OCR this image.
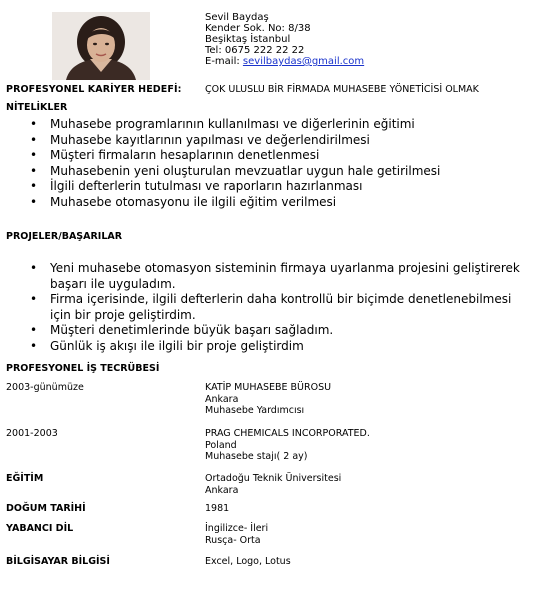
Sevil Baydaş
Kender Sok. No: 8/38
Beşiktaş İstanbul
Tel: 0675 222 22 22
E-mail: sevilbaydas@gmail.com
PROFESYONEL KARİYER HEDEFİ: ÇOK ULUSLU BİR FİRMADA MUHASEBE YÖNETİCİSİ OLMAK
NİTELİKLER
• Muhasebe programlarının kullanılması ve diğerlerinin eğitimi
• Muhasebe kayıtlarının yapılması ve değerlendirilmesi
• Müşteri firmaların hesaplarının denetlenmesi
• Muhasebenin yeni oluşturulan mevzuatlar uygun hale getirilmesi
• İlgili defterlerin tutulması ve raporların hazırlanması
• Muhasebe otomasyonu ile ilgili eğitim verilmesi
PROJELER/BAŞARILAR
• Yeni muhasebe otomasyon sisteminin firmaya uyarlanma projesini geliştirerek başarı ile uyguladım.
• Firma içerisinde, ilgili defterlerin daha kontrollü bir biçimde denetlenebilmesi için bir proje geliştirdim.
• Müşteri denetimlerinde büyük başarı sağladım.
• Günlük iş akışı ile ilgili bir proje geliştirdim
PROFESYONEL İŞ TECRÜBESİ
2003-günümüze	KATİP MUHASEBE BÜROSU
Ankara
Muhasebe Yardımcısı
2001-2003	PRAG CHEMICALS INCORPORATED.
Poland
Muhasebe stajı( 2 ay)
EĞİTİM	Ortadoğu Teknik Üniversitesi
Ankara
DOĞUM TARİHİ	1981
YABANCI DİL	İngilizce- İleri
Rusça- Orta
BİLGİSAYAR BİLGİSİ	Excel, Logo, Lotus
